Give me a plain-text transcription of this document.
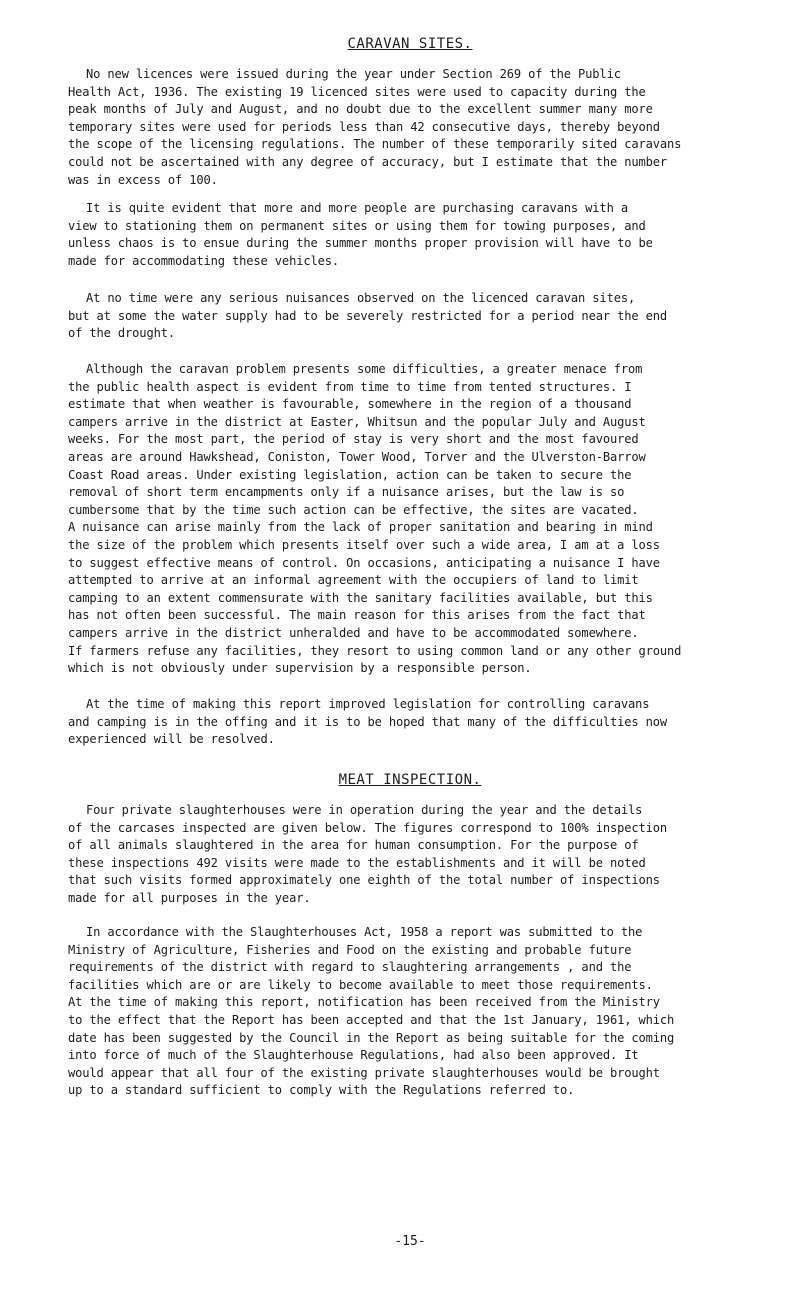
CARAVAN SITES.
No new licences were issued during the year under Section 269 of the Public
Health Act, 1936. The existing 19 licenced sites were used to capacity during the
peak months of July and August, and no doubt due to the excellent summer many more
temporary sites were used for periods less than 42 consecutive days, thereby beyond
the scope of the licensing regulations. The number of these temporarily sited caravans
could not be ascertained with any degree of accuracy, but I estimate that the number
was in excess of 100.
It is quite evident that more and more people are purchasing caravans with a
view to stationing them on permanent sites or using them for towing purposes, and
unless chaos is to ensue during the summer months proper provision will have to be
made for accommodating these vehicles.
At no time were any serious nuisances observed on the licenced caravan sites,
but at some the water supply had to be severely restricted for a period near the end
of the drought.
Although the caravan problem presents some difficulties, a greater menace from
the public health aspect is evident from time to time from tented structures. I
estimate that when weather is favourable, somewhere in the region of a thousand
campers arrive in the district at Easter, Whitsun and the popular July and August
weeks. For the most part, the period of stay is very short and the most favoured
areas are around Hawkshead, Coniston, Tower Wood, Torver and the Ulverston-Barrow
Coast Road areas. Under existing legislation, action can be taken to secure the
removal of short term encampments only if a nuisance arises, but the law is so
cumbersome that by the time such action can be effective, the sites are vacated.
A nuisance can arise mainly from the lack of proper sanitation and bearing in mind
the size of the problem which presents itself over such a wide area, I am at a loss
to suggest effective means of control. On occasions, anticipating a nuisance I have
attempted to arrive at an informal agreement with the occupiers of land to limit
camping to an extent commensurate with the sanitary facilities available, but this
has not often been successful. The main reason for this arises from the fact that
campers arrive in the district unheralded and have to be accommodated somewhere.
If farmers refuse any facilities, they resort to using common land or any other ground
which is not obviously under supervision by a responsible person.
At the time of making this report improved legislation for controlling caravans
and camping is in the offing and it is to be hoped that many of the difficulties now
experienced will be resolved.
MEAT INSPECTION.
Four private slaughterhouses were in operation during the year and the details
of the carcases inspected are given below. The figures correspond to 100% inspection
of all animals slaughtered in the area for human consumption. For the purpose of
these inspections 492 visits were made to the establishments and it will be noted
that such visits formed approximately one eighth of the total number of inspections
made for all purposes in the year.
In accordance with the Slaughterhouses Act, 1958 a report was submitted to the
Ministry of Agriculture, Fisheries and Food on the existing and probable future
requirements of the district with regard to slaughtering arrangements , and the
facilities which are or are likely to become available to meet those requirements.
At the time of making this report, notification has been received from the Ministry
to the effect that the Report has been accepted and that the 1st January, 1961, which
date has been suggested by the Council in the Report as being suitable for the coming
into force of much of the Slaughterhouse Regulations, had also been approved. It
would appear that all four of the existing private slaughterhouses would be brought
up to a standard sufficient to comply with the Regulations referred to.
-15-
